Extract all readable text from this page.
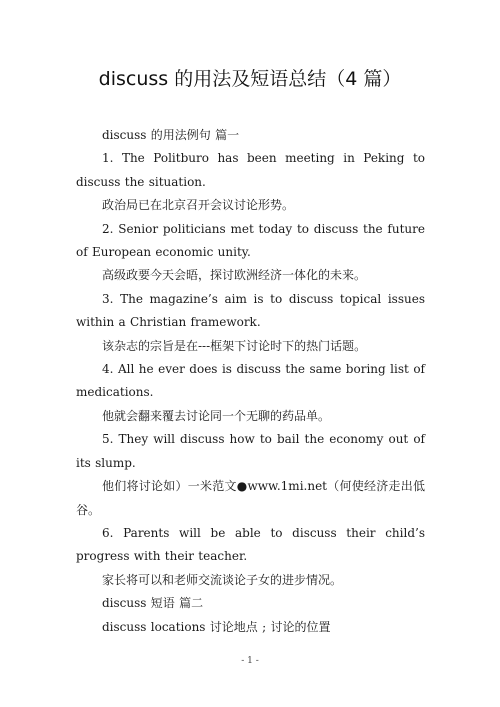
discuss 的用法及短语总结（4 篇）

discuss 的用法例句 篇一

1. The Politburo has been meeting in Peking to discuss the situation.

政治局已在北京召开会议讨论形势。

2. Senior politicians met today to discuss the future of European economic unity.

高级政要今天会晤，探讨欧洲经济一体化的未来。

3. The magazine’s aim is to discuss topical issues within a Christian framework.

该杂志的宗旨是在---框架下讨论时下的热门话题。

4. All he ever does is discuss the same boring list of medications.

他就会翻来覆去讨论同一个无聊的药品单。

5. They will discuss how to bail the economy out of its slump.

他们将讨论如）一米范文●www.1mi.net（何使经济走出低谷。

6. Parents will be able to discuss their child’s progress with their teacher.

家长将可以和老师交流谈论子女的进步情况。

discuss 短语 篇二

discuss locations 讨论地点 ; 讨论的位置

- 1 -
